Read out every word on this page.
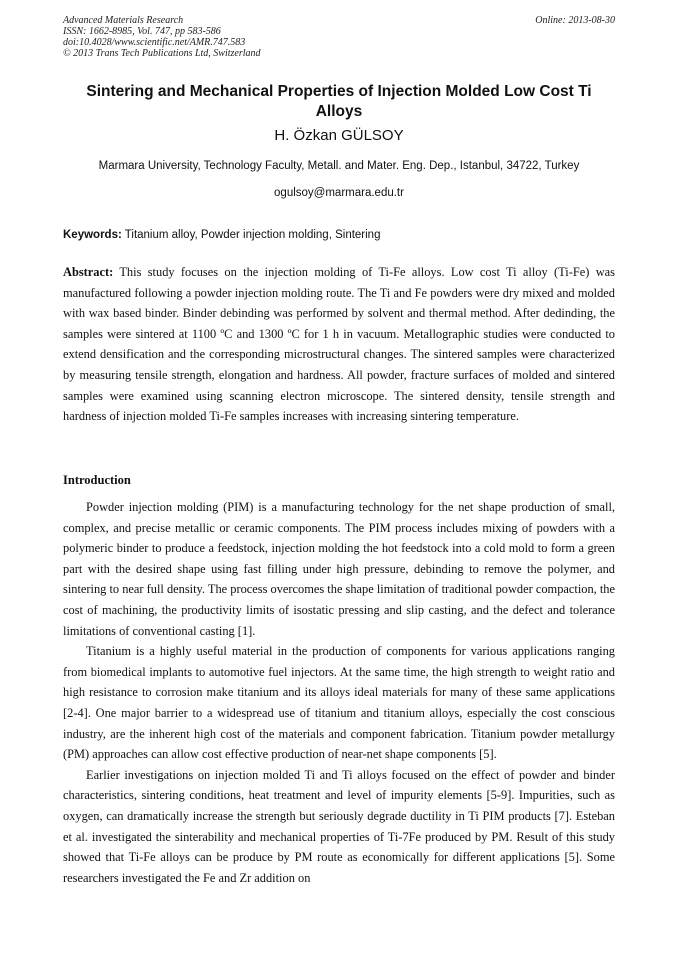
Advanced Materials Research
ISSN: 1662-8985, Vol. 747, pp 583-586
doi:10.4028/www.scientific.net/AMR.747.583
© 2013 Trans Tech Publications Ltd, Switzerland
Online: 2013-08-30
Sintering and Mechanical Properties of Injection Molded Low Cost Ti Alloys
H. Özkan GÜLSOY
Marmara University, Technology Faculty, Metall. and Mater. Eng. Dep., Istanbul, 34722, Turkey
ogulsoy@marmara.edu.tr
Keywords: Titanium alloy, Powder injection molding, Sintering
Abstract: This study focuses on the injection molding of Ti-Fe alloys. Low cost Ti alloy (Ti-Fe) was manufactured following a powder injection molding route. The Ti and Fe powders were dry mixed and molded with wax based binder. Binder debinding was performed by solvent and thermal method. After dedinding, the samples were sintered at 1100 ºC and 1300 ºC for 1 h in vacuum. Metallographic studies were conducted to extend densification and the corresponding microstructural changes. The sintered samples were characterized by measuring tensile strength, elongation and hardness. All powder, fracture surfaces of molded and sintered samples were examined using scanning electron microscope. The sintered density, tensile strength and hardness of injection molded Ti-Fe samples increases with increasing sintering temperature.
Introduction

Powder injection molding (PIM) is a manufacturing technology for the net shape production of small, complex, and precise metallic or ceramic components. The PIM process includes mixing of powders with a polymeric binder to produce a feedstock, injection molding the hot feedstock into a cold mold to form a green part with the desired shape using fast filling under high pressure, debinding to remove the polymer, and sintering to near full density. The process overcomes the shape limitation of traditional powder compaction, the cost of machining, the productivity limits of isostatic pressing and slip casting, and the defect and tolerance limitations of conventional casting [1].

Titanium is a highly useful material in the production of components for various applications ranging from biomedical implants to automotive fuel injectors. At the same time, the high strength to weight ratio and high resistance to corrosion make titanium and its alloys ideal materials for many of these same applications [2-4]. One major barrier to a widespread use of titanium and titanium alloys, especially the cost conscious industry, are the inherent high cost of the materials and component fabrication. Titanium powder metallurgy (PM) approaches can allow cost effective production of near-net shape components [5].

Earlier investigations on injection molded Ti and Ti alloys focused on the effect of powder and binder characteristics, sintering conditions, heat treatment and level of impurity elements [5-9]. Impurities, such as oxygen, can dramatically increase the strength but seriously degrade ductility in Ti PIM products [7]. Esteban et al. investigated the sinterability and mechanical properties of Ti-7Fe produced by PM. Result of this study showed that Ti-Fe alloys can be produce by PM route as economically for different applications [5]. Some researchers investigated the Fe and Zr addition on
